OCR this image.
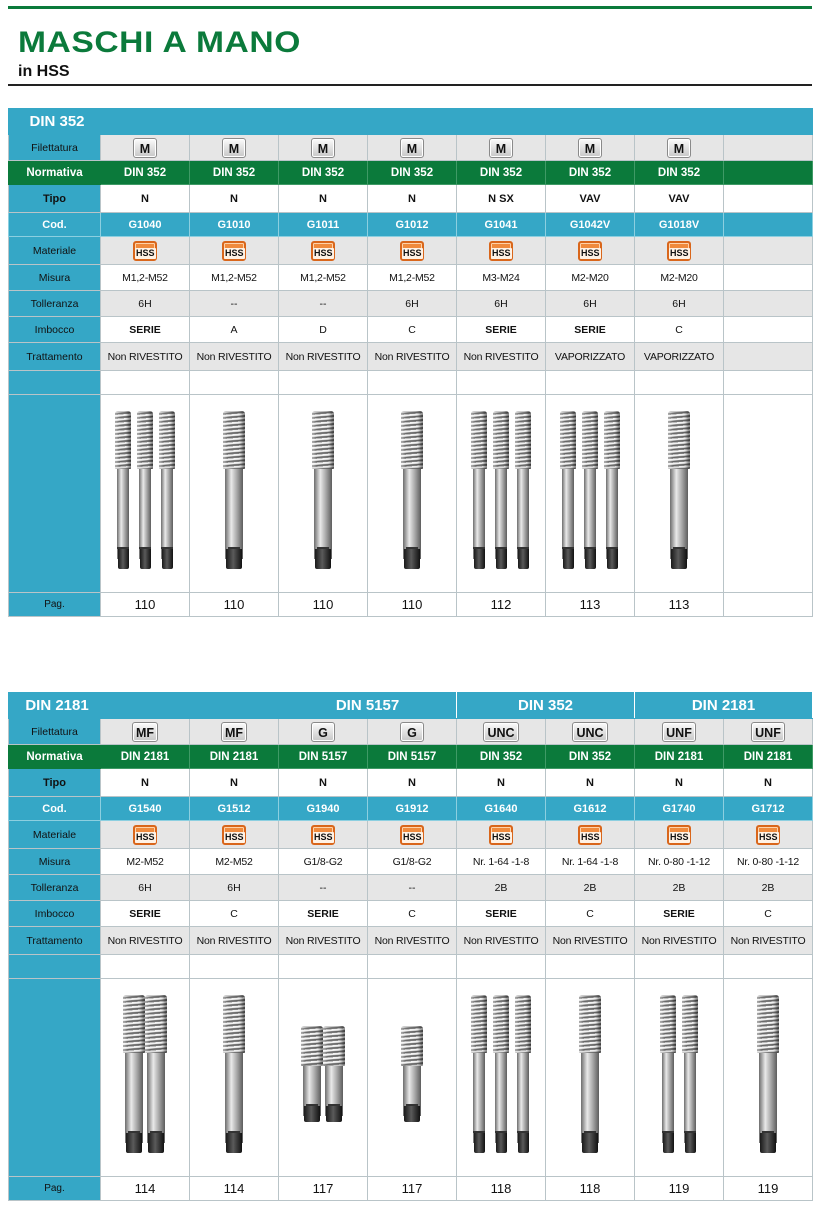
MASCHI A MANO
in HSS
DIN 352								
Filettatura	M	M	M	M	M	M	M	
Normativa	DIN 352	DIN 352	DIN 352	DIN 352	DIN 352	DIN 352	DIN 352	
Tipo	N	N	N	N	N SX	VAV	VAV	
Cod.	G1040	G1010	G1011	G1012	G1041	G1042V	G1018V	
Materiale	HSS	HSS	HSS	HSS	HSS	HSS	HSS	
Misura	M1,2-M52	M1,2-M52	M1,2-M52	M1,2-M52	M3-M24	M2-M20	M2-M20	
Tolleranza	6H	--	--	6H	6H	6H	6H	
Imbocco	SERIE	A	D	C	SERIE	SERIE	C	
Trattamento	Non RIVESTITO	Non RIVESTITO	Non RIVESTITO	Non RIVESTITO	Non RIVESTITO	VAPORIZZATO	VAPORIZZATO	

Pag.	110	110	110	110	112	113	113	
DIN 2181			DIN 5157		DIN 352		DIN 2181	
Filettatura	MF	MF	G	G	UNC	UNC	UNF	UNF
Normativa	DIN 2181	DIN 2181	DIN 5157	DIN 5157	DIN 352	DIN 352	DIN 2181	DIN 2181
Tipo	N	N	N	N	N	N	N	N
Cod.	G1540	G1512	G1940	G1912	G1640	G1612	G1740	G1712
Materiale	HSS	HSS	HSS	HSS	HSS	HSS	HSS	HSS
Misura	M2-M52	M2-M52	G1/8-G2	G1/8-G2	Nr. 1-64 -1-8	Nr. 1-64 -1-8	Nr. 0-80 -1-12	Nr. 0-80 -1-12
Tolleranza	6H	6H	--	--	2B	2B	2B	2B
Imbocco	SERIE	C	SERIE	C	SERIE	C	SERIE	C
Trattamento	Non RIVESTITO	Non RIVESTITO	Non RIVESTITO	Non RIVESTITO	Non RIVESTITO	Non RIVESTITO	Non RIVESTITO	Non RIVESTITO

Pag.	114	114	117	117	118	118	119	119
